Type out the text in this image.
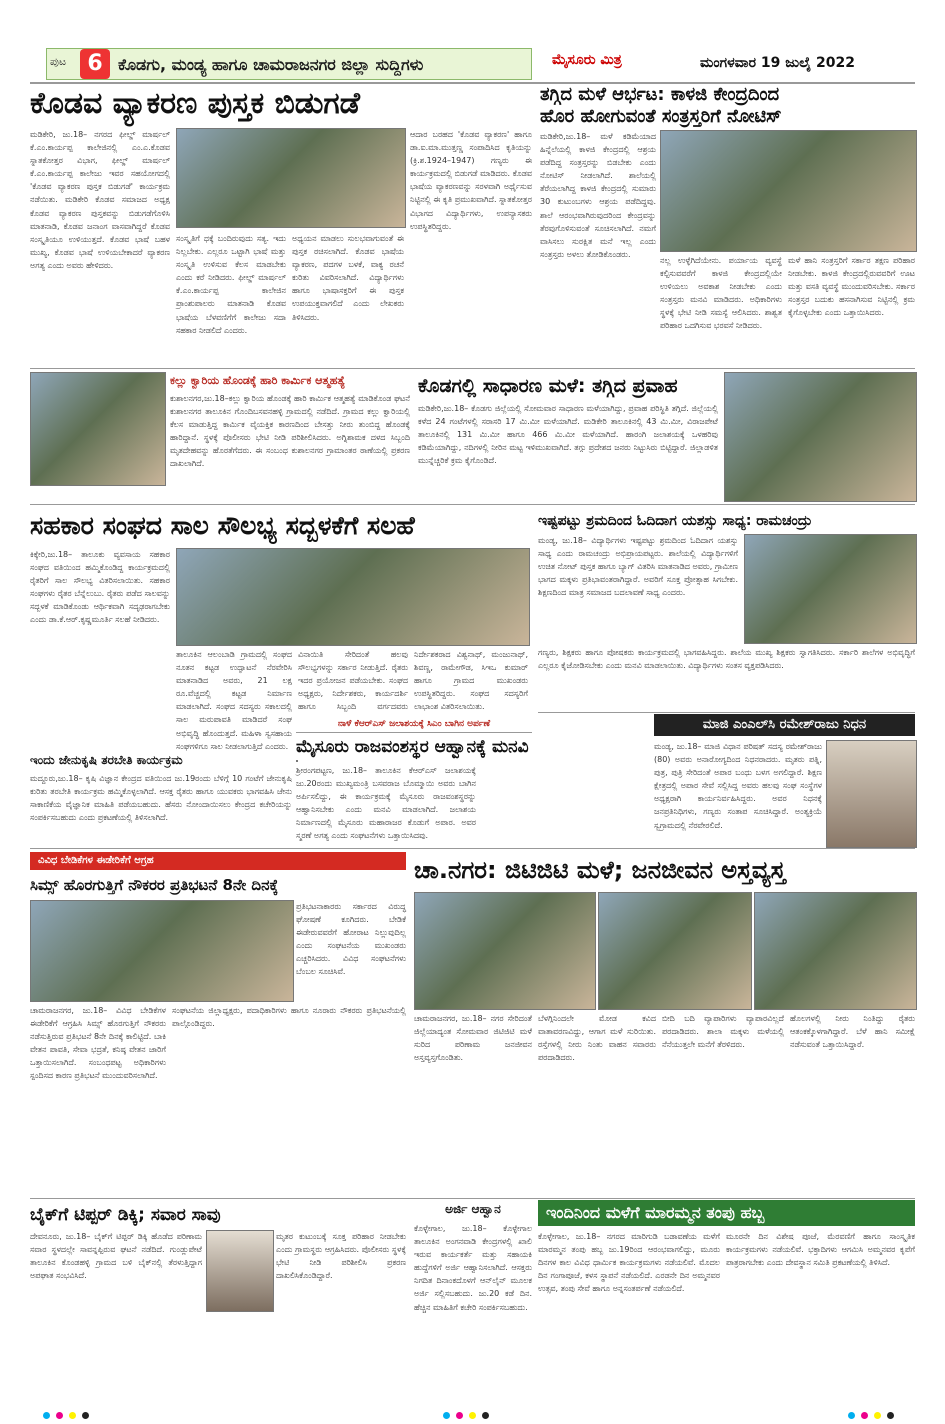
ಪುಟ 6 ಕೊಡಗು, ಮಂಡ್ಯ ಹಾಗೂ ಚಾಮರಾಜನಗರ ಜಿಲ್ಲಾ ಸುದ್ದಿಗಳು	ಮೈಸೂರು ಮಿತ್ರ	ಮಂಗಳವಾರ 19 ಜುಲೈ 2022
ಕೊಡವ ವ್ಯಾಕರಣ ಪುಸ್ತಕ ಬಿಡುಗಡೆ
ಮಡಿಕೇರಿ, ಜು.18– ನಗರದ ಫೀಲ್ಡ್ ಮಾರ್ಷಲ್ ಕೆ.ಎಂ.ಕಾರ್ಯಪ್ಪ ಕಾಲೇಜಿನಲ್ಲಿ ಎಂ.ಎ.ಕೊಡವ ಸ್ನಾತಕೋತ್ತರ ವಿಭಾಗ, ಫೀಲ್ಡ್ ಮಾರ್ಷಲ್ ಕೆ.ಎಂ.ಕಾರ್ಯಪ್ಪ ಕಾಲೇಜು ಇವರ ಸಹಯೋಗದಲ್ಲಿ 'ಕೊಡವ ವ್ಯಾಕರಣ ಪುಸ್ತಕ ಬಿಡುಗಡೆ' ಕಾರ್ಯಕ್ರಮ ನಡೆಯಿತು. ಮಡಿಕೇರಿ ಕೊಡವ ಸಮಾಜದ ಅಧ್ಯಕ್ಷ ಕೊಡವ ವ್ಯಾಕರಣ ಪುಸ್ತಕವನ್ನು ಬಿಡುಗಡೆಗೊಳಿಸಿ ಮಾತನಾಡಿ, ಕೊಡವ ಜನಾಂಗ ವಾಸವಾಗಿದ್ದರೆ ಕೊಡವ ಸಂಸ್ಕೃತಿಯೂ ಉಳಿಯುತ್ತದೆ. ಕೊಡವ ಭಾಷೆ ಬಹಳ ಮುಖ್ಯ, ಕೊಡವ ಭಾಷೆ ಉಳಿಯಬೇಕಾದರೆ ವ್ಯಾಕರಣ ಅಗತ್ಯ ಎಂದು ಅವರು ಹೇಳಿದರು.
ಸಂಸ್ಕೃತಿಗೆ ಧಕ್ಕೆ ಬಂದಿರುವುದು ಸತ್ಯ. ಇದು ನಿಲ್ಲಬೇಕು. ಎಲ್ಲರೂ ಒಟ್ಟಾಗಿ ಭಾಷೆ ಮತ್ತು ಸಂಸ್ಕೃತಿ ಉಳಿಸುವ ಕೆಲಸ ಮಾಡಬೇಕು ಎಂದು ಕರೆ ನೀಡಿದರು. ಫೀಲ್ಡ್ ಮಾರ್ಷಲ್ ಕೆ.ಎಂ.ಕಾರ್ಯಪ್ಪ ಕಾಲೇಜಿನ ಪ್ರಾಂಶುಪಾಲರು ಮಾತನಾಡಿ ಕೊಡವ ಭಾಷೆಯ ಬೆಳವಣಿಗೆಗೆ ಕಾಲೇಜು ಸದಾ ಸಹಕಾರ ನೀಡಲಿದೆ ಎಂದರು.
ಅಧ್ಯಯನ ಮಾಡಲು ಸುಲಭವಾಗುವಂತೆ ಈ ಪುಸ್ತಕ ರಚಿಸಲಾಗಿದೆ. ಕೊಡವ ಭಾಷೆಯ ವ್ಯಾಕರಣ, ಪದಗಳ ಬಳಕೆ, ವಾಕ್ಯ ರಚನೆ ಕುರಿತು ವಿವರಿಸಲಾಗಿದೆ. ವಿದ್ಯಾರ್ಥಿಗಳು ಹಾಗೂ ಭಾಷಾಸಕ್ತರಿಗೆ ಈ ಪುಸ್ತಕ ಉಪಯುಕ್ತವಾಗಲಿದೆ ಎಂದು ಲೇಖಕರು ತಿಳಿಸಿದರು.
ಆದಾರ ಬರಹದ 'ಕೊಡವ ವ್ಯಾಕರಣ' ಹಾಗೂ ಡಾ.ಐ.ಮಾ.ಮುತ್ತಣ್ಣ ಸಂಪಾದಿಸಿದ ಕೃತಿಯನ್ನು (ಕ್ರಿ.ಶ.1924–1947) ಗಣ್ಯರು ಈ ಕಾರ್ಯಕ್ರಮದಲ್ಲಿ ಬಿಡುಗಡೆ ಮಾಡಿದರು. ಕೊಡವ ಭಾಷೆಯ ವ್ಯಾಕರಣವನ್ನು ಸರಳವಾಗಿ ಅರ್ಥೈಸುವ ನಿಟ್ಟಿನಲ್ಲಿ ಈ ಕೃತಿ ಪ್ರಮುಖವಾಗಿದೆ. ಸ್ನಾತಕೋತ್ತರ ವಿಭಾಗದ ವಿದ್ಯಾರ್ಥಿಗಳು, ಉಪನ್ಯಾಸಕರು ಉಪಸ್ಥಿತರಿದ್ದರು.
ತಗ್ಗಿದ ಮಳೆ ಆರ್ಭಟ: ಕಾಳಜಿ ಕೇಂದ್ರದಿಂದ
ಹೊರ ಹೋಗುವಂತೆ ಸಂತ್ರಸ್ತರಿಗೆ ನೋಟಿಸ್
ಮಡಿಕೇರಿ,ಜು.18– ಮಳೆ ಕಡಿಮೆಯಾದ ಹಿನ್ನೆಲೆಯಲ್ಲಿ ಕಾಳಜಿ ಕೇಂದ್ರದಲ್ಲಿ ಆಶ್ರಯ ಪಡೆದಿದ್ದ ಸಂತ್ರಸ್ತರನ್ನು ಬಿಡಬೇಕು ಎಂದು ನೋಟಿಸ್ ನೀಡಲಾಗಿದೆ. ಶಾಲೆಯಲ್ಲಿ ತೆರೆಯಲಾಗಿದ್ದ ಕಾಳಜಿ ಕೇಂದ್ರದಲ್ಲಿ ಸುಮಾರು 30 ಕುಟುಂಬಗಳು ಆಶ್ರಯ ಪಡೆದಿದ್ದವು. ಶಾಲೆ ಆರಂಭವಾಗಿರುವುದರಿಂದ ಕೇಂದ್ರವನ್ನು ತೆರವುಗೊಳಿಸುವಂತೆ ಸೂಚಿಸಲಾಗಿದೆ. ನಮಗೆ ವಾಸಿಸಲು ಸುರಕ್ಷಿತ ಮನೆ ಇಲ್ಲ ಎಂದು ಸಂತ್ರಸ್ತರು ಅಳಲು ತೋಡಿಕೊಂಡರು.
ನಲ್ಲ ಉಳ್ಳೆಗಿದೆಯೇನು. ಪರ್ಯಾಯ ವ್ಯವಸ್ಥೆ ಕಲ್ಪಿಸುವವರೆಗೆ ಕಾಳಜಿ ಕೇಂದ್ರದಲ್ಲಿಯೇ ಉಳಿಯಲು ಅವಕಾಶ ನೀಡಬೇಕು ಎಂದು ಸಂತ್ರಸ್ತರು ಮನವಿ ಮಾಡಿದರು. ಅಧಿಕಾರಿಗಳು ಸ್ಥಳಕ್ಕೆ ಭೇಟಿ ನೀಡಿ ಸಮಸ್ಯೆ ಆಲಿಸಿದರು. ಶಾಶ್ವತ ಪರಿಹಾರ ಒದಗಿಸುವ ಭರವಸೆ ನೀಡಿದರು.
ಮಳೆ ಹಾನಿ ಸಂತ್ರಸ್ತರಿಗೆ ಸರ್ಕಾರ ತಕ್ಷಣ ಪರಿಹಾರ ನೀಡಬೇಕು. ಕಾಳಜಿ ಕೇಂದ್ರದಲ್ಲಿರುವವರಿಗೆ ಊಟ ಮತ್ತು ವಸತಿ ವ್ಯವಸ್ಥೆ ಮುಂದುವರಿಸಬೇಕು. ಸರ್ಕಾರ ಸಂತ್ರಸ್ತರ ಬದುಕು ಹಸನಾಗಿಸುವ ನಿಟ್ಟಿನಲ್ಲಿ ಕ್ರಮ ಕೈಗೊಳ್ಳಬೇಕು ಎಂದು ಒತ್ತಾಯಿಸಿದರು.
ಕಲ್ಲು ಕ್ವಾರಿಯ ಹೊಂಡಕ್ಕೆ ಹಾರಿ ಕಾರ್ಮಿಕ ಆತ್ಮಹತ್ಯೆ
ಕುಶಾಲನಗರ,ಜು.18–ಕಲ್ಲು ಕ್ವಾರಿಯ ಹೊಂಡಕ್ಕೆ ಹಾರಿ ಕಾರ್ಮಿಕ ಆತ್ಮಹತ್ಯೆ ಮಾಡಿಕೊಂಡ ಘಟನೆ ಕುಶಾಲನಗರ ತಾಲೂಕಿನ ಗೊಂದಿಬಸವನಹಳ್ಳಿ ಗ್ರಾಮದಲ್ಲಿ ನಡೆದಿದೆ. ಗ್ರಾಮದ ಕಲ್ಲು ಕ್ವಾರಿಯಲ್ಲಿ ಕೆಲಸ ಮಾಡುತ್ತಿದ್ದ ಕಾರ್ಮಿಕ ವೈಯಕ್ತಿಕ ಕಾರಣದಿಂದ ಬೇಸತ್ತು ನೀರು ತುಂಬಿದ್ದ ಹೊಂಡಕ್ಕೆ ಹಾರಿದ್ದಾನೆ. ಸ್ಥಳಕ್ಕೆ ಪೊಲೀಸರು ಭೇಟಿ ನೀಡಿ ಪರಿಶೀಲಿಸಿದರು. ಅಗ್ನಿಶಾಮಕ ದಳದ ಸಿಬ್ಬಂದಿ ಮೃತದೇಹವನ್ನು ಹೊರತೆಗೆದರು. ಈ ಸಂಬಂಧ ಕುಶಾಲನಗರ ಗ್ರಾಮಾಂತರ ಠಾಣೆಯಲ್ಲಿ ಪ್ರಕರಣ ದಾಖಲಾಗಿದೆ.
ಕೊಡಗಲ್ಲಿ ಸಾಧಾರಣ ಮಳೆ: ತಗ್ಗಿದ ಪ್ರವಾಹ
ಮಡಿಕೇರಿ,ಜು.18– ಕೊಡಗು ಜಿಲ್ಲೆಯಲ್ಲಿ ಸೋಮವಾರ ಸಾಧಾರಣ ಮಳೆಯಾಗಿದ್ದು, ಪ್ರವಾಹ ಪರಿಸ್ಥಿತಿ ತಗ್ಗಿದೆ. ಜಿಲ್ಲೆಯಲ್ಲಿ ಕಳೆದ 24 ಗಂಟೆಗಳಲ್ಲಿ ಸರಾಸರಿ 17 ಮಿ.ಮೀ ಮಳೆಯಾಗಿದೆ. ಮಡಿಕೇರಿ ತಾಲೂಕಿನಲ್ಲಿ 43 ಮಿ.ಮೀ, ವಿರಾಜಪೇಟೆ ತಾಲೂಕಿನಲ್ಲಿ 131 ಮಿ.ಮೀ ಹಾಗೂ 466 ಮಿ.ಮೀ ಮಳೆಯಾಗಿದೆ. ಹಾರಂಗಿ ಜಲಾಶಯಕ್ಕೆ ಒಳಹರಿವು ಕಡಿಮೆಯಾಗಿದ್ದು, ನದಿಗಳಲ್ಲಿ ನೀರಿನ ಮಟ್ಟ ಇಳಿಮುಖವಾಗಿದೆ. ತಗ್ಗು ಪ್ರದೇಶದ ಜನರು ನಿಟ್ಟುಸಿರು ಬಿಟ್ಟಿದ್ದಾರೆ. ಜಿಲ್ಲಾಡಳಿತ ಮುನ್ನೆಚ್ಚರಿಕೆ ಕ್ರಮ ಕೈಗೊಂಡಿದೆ.
ಸಹಕಾರ ಸಂಘದ ಸಾಲ ಸೌಲಭ್ಯ ಸದ್ಬಳಕೆಗೆ ಸಲಹೆ
ಕಿಕ್ಕೇರಿ,ಜು.18– ತಾಲೂಕು ವ್ಯವಸಾಯ ಸಹಕಾರ ಸಂಘದ ವತಿಯಿಂದ ಹಮ್ಮಿಕೊಂಡಿದ್ದ ಕಾರ್ಯಕ್ರಮದಲ್ಲಿ ರೈತರಿಗೆ ಸಾಲ ಸೌಲಭ್ಯ ವಿತರಿಸಲಾಯಿತು. ಸಹಕಾರ ಸಂಘಗಳು ರೈತರ ಬೆನ್ನೆಲುಬು. ರೈತರು ಪಡೆದ ಸಾಲವನ್ನು ಸದ್ಬಳಕೆ ಮಾಡಿಕೊಂಡು ಆರ್ಥಿಕವಾಗಿ ಸದೃಢರಾಗಬೇಕು ಎಂದು ಡಾ.ಕೆ.ಆರ್.ಕೃಷ್ಣಮೂರ್ತಿ ಸಲಹೆ ನೀಡಿದರು.
ತಾಲೂಕಿನ ಆಲಂಬಾಡಿ ಗ್ರಾಮದಲ್ಲಿ ಸಂಘದ ನೂತನ ಕಟ್ಟಡ ಉದ್ಘಾಟನೆ ನೆರವೇರಿಸಿ ಮಾತನಾಡಿದ ಅವರು, 21 ಲಕ್ಷ ರೂ.ವೆಚ್ಚದಲ್ಲಿ ಕಟ್ಟಡ ನಿರ್ಮಾಣ ಮಾಡಲಾಗಿದೆ. ಸಂಘದ ಸದಸ್ಯರು ಸಕಾಲದಲ್ಲಿ ಸಾಲ ಮರುಪಾವತಿ ಮಾಡಿದರೆ ಸಂಘ ಅಭಿವೃದ್ಧಿ ಹೊಂದುತ್ತದೆ. ಮಹಿಳಾ ಸ್ವಸಹಾಯ ಸಂಘಗಳಿಗೂ ಸಾಲ ನೀಡಲಾಗುತ್ತಿದೆ ಎಂದರು.
ವಿನಾಯಿತಿ ಸೇರಿದಂತೆ ಹಲವು ಸೌಲಭ್ಯಗಳನ್ನು ಸರ್ಕಾರ ನೀಡುತ್ತಿದೆ. ರೈತರು ಇದರ ಪ್ರಯೋಜನ ಪಡೆಯಬೇಕು. ಸಂಘದ ಅಧ್ಯಕ್ಷರು, ನಿರ್ದೇಶಕರು, ಕಾರ್ಯದರ್ಶಿ ಹಾಗೂ ಸಿಬ್ಬಂದಿ ವರ್ಗದವರು
ನಿರ್ದೇಶಕರಾದ ವಿಶ್ವನಾಥ್, ಮಂಜುನಾಥ್, ಶಿವಣ್ಣ, ರಾಮೇಗೌಡ, ಸಿಇಒ ಕುಮಾರ್ ಹಾಗೂ ಗ್ರಾಮದ ಮುಖಂಡರು ಉಪಸ್ಥಿತರಿದ್ದರು. ಸಂಘದ ಸದಸ್ಯರಿಗೆ ಲಾಭಾಂಶ ವಿತರಿಸಲಾಯಿತು.
ಇಷ್ಟಪಟ್ಟು ಶ್ರಮದಿಂದ ಓದಿದಾಗ ಯಶಸ್ಸು ಸಾಧ್ಯ: ರಾಮಚಂದ್ರು
ಮಂಡ್ಯ, ಜು.18– ವಿದ್ಯಾರ್ಥಿಗಳು ಇಷ್ಟಪಟ್ಟು ಶ್ರಮದಿಂದ ಓದಿದಾಗ ಯಶಸ್ಸು ಸಾಧ್ಯ ಎಂದು ರಾಮಚಂದ್ರು ಅಭಿಪ್ರಾಯಪಟ್ಟರು. ಶಾಲೆಯಲ್ಲಿ ವಿದ್ಯಾರ್ಥಿಗಳಿಗೆ ಉಚಿತ ನೋಟ್ ಪುಸ್ತಕ ಹಾಗೂ ಬ್ಯಾಗ್ ವಿತರಿಸಿ ಮಾತನಾಡಿದ ಅವರು, ಗ್ರಾಮೀಣ ಭಾಗದ ಮಕ್ಕಳು ಪ್ರತಿಭಾವಂತರಾಗಿದ್ದಾರೆ. ಅವರಿಗೆ ಸೂಕ್ತ ಪ್ರೋತ್ಸಾಹ ಸಿಗಬೇಕು. ಶಿಕ್ಷಣದಿಂದ ಮಾತ್ರ ಸಮಾಜದ ಬದಲಾವಣೆ ಸಾಧ್ಯ ಎಂದರು.
ಗಣ್ಯರು, ಶಿಕ್ಷಕರು ಹಾಗೂ ಪೋಷಕರು ಕಾರ್ಯಕ್ರಮದಲ್ಲಿ ಭಾಗವಹಿಸಿದ್ದರು. ಶಾಲೆಯ ಮುಖ್ಯ ಶಿಕ್ಷಕರು ಸ್ವಾಗತಿಸಿದರು. ಸರ್ಕಾರಿ ಶಾಲೆಗಳ ಅಭಿವೃದ್ಧಿಗೆ ಎಲ್ಲರೂ ಕೈಜೋಡಿಸಬೇಕು ಎಂದು ಮನವಿ ಮಾಡಲಾಯಿತು. ವಿದ್ಯಾರ್ಥಿಗಳು ಸಂತಸ ವ್ಯಕ್ತಪಡಿಸಿದರು.
ನಾಳೆ ಕೆಆರ್‌ಎಸ್ ಜಲಾಶಯಕ್ಕೆ ಸಿಎಂ ಬಾಗಿನ ಅರ್ಪಣೆ
ಮೈಸೂರು ರಾಜವಂಶಸ್ಥರ ಆಹ್ವಾನಕ್ಕೆ ಮನವಿ
ಶ್ರೀರಂಗಪಟ್ಟಣ, ಜು.18– ತಾಲೂಕಿನ ಕೆಆರ್‌ಎಸ್ ಜಲಾಶಯಕ್ಕೆ ಜು.20ರಂದು ಮುಖ್ಯಮಂತ್ರಿ ಬಸವರಾಜ ಬೊಮ್ಮಾಯಿ ಅವರು ಬಾಗಿನ ಅರ್ಪಿಸಲಿದ್ದು, ಈ ಕಾರ್ಯಕ್ರಮಕ್ಕೆ ಮೈಸೂರು ರಾಜವಂಶಸ್ಥರನ್ನು ಆಹ್ವಾನಿಸಬೇಕು ಎಂದು ಮನವಿ ಮಾಡಲಾಗಿದೆ. ಜಲಾಶಯ ನಿರ್ಮಾಣದಲ್ಲಿ ಮೈಸೂರು ಮಹಾರಾಜರ ಕೊಡುಗೆ ಅಪಾರ. ಅವರ ಸ್ಮರಣೆ ಅಗತ್ಯ ಎಂದು ಸಂಘಟನೆಗಳು ಒತ್ತಾಯಿಸಿದವು.
ಮಾಜಿ ಎಂಎಲ್‌ಸಿ ರಮೇಶ್‌ರಾಜು ನಿಧನ
ಮಂಡ್ಯ, ಜು.18– ಮಾಜಿ ವಿಧಾನ ಪರಿಷತ್ ಸದಸ್ಯ ರಮೇಶ್‌ರಾಜು (80) ಅವರು ಅನಾರೋಗ್ಯದಿಂದ ನಿಧನರಾದರು. ಮೃತರು ಪತ್ನಿ, ಪುತ್ರ, ಪುತ್ರಿ ಸೇರಿದಂತೆ ಅಪಾರ ಬಂಧು ಬಳಗ ಅಗಲಿದ್ದಾರೆ. ಶಿಕ್ಷಣ ಕ್ಷೇತ್ರದಲ್ಲಿ ಅಪಾರ ಸೇವೆ ಸಲ್ಲಿಸಿದ್ದ ಅವರು ಹಲವು ಸಂಘ ಸಂಸ್ಥೆಗಳ ಅಧ್ಯಕ್ಷರಾಗಿ ಕಾರ್ಯನಿರ್ವಹಿಸಿದ್ದರು. ಅವರ ನಿಧನಕ್ಕೆ ಜನಪ್ರತಿನಿಧಿಗಳು, ಗಣ್ಯರು ಸಂತಾಪ ಸೂಚಿಸಿದ್ದಾರೆ. ಅಂತ್ಯಕ್ರಿಯೆ ಸ್ವಗ್ರಾಮದಲ್ಲಿ ನೆರವೇರಲಿದೆ.
ಇಂದು ಜೇನುಕೃಷಿ ತರಬೇತಿ ಕಾರ್ಯಕ್ರಮ
ಮದ್ದೂರು,ಜು.18– ಕೃಷಿ ವಿಜ್ಞಾನ ಕೇಂದ್ರದ ವತಿಯಿಂದ ಜು.19ರಂದು ಬೆಳಿಗ್ಗೆ 10 ಗಂಟೆಗೆ ಜೇನುಕೃಷಿ ಕುರಿತು ತರಬೇತಿ ಕಾರ್ಯಕ್ರಮ ಹಮ್ಮಿಕೊಳ್ಳಲಾಗಿದೆ. ಆಸಕ್ತ ರೈತರು ಹಾಗೂ ಯುವಕರು ಭಾಗವಹಿಸಿ ಜೇನು ಸಾಕಾಣಿಕೆಯ ವೈಜ್ಞಾನಿಕ ಮಾಹಿತಿ ಪಡೆಯಬಹುದು. ಹೆಸರು ನೋಂದಾಯಿಸಲು ಕೇಂದ್ರದ ಕಚೇರಿಯನ್ನು ಸಂಪರ್ಕಿಸಬಹುದು ಎಂದು ಪ್ರಕಟಣೆಯಲ್ಲಿ ತಿಳಿಸಲಾಗಿದೆ.
ವಿವಿಧ ಬೇಡಿಕೆಗಳ ಈಡೇರಿಕೆಗೆ ಆಗ್ರಹ
ಸಿಮ್ಸ್ ಹೊರಗುತ್ತಿಗೆ ನೌಕರರ ಪ್ರತಿಭಟನೆ 8ನೇ ದಿನಕ್ಕೆ
ಪ್ರತಿಭಟನಾಕಾರರು ಸರ್ಕಾರದ ವಿರುದ್ಧ ಘೋಷಣೆ ಕೂಗಿದರು. ಬೇಡಿಕೆ ಈಡೇರುವವರೆಗೆ ಹೋರಾಟ ನಿಲ್ಲುವುದಿಲ್ಲ ಎಂದು ಸಂಘಟನೆಯ ಮುಖಂಡರು ಎಚ್ಚರಿಸಿದರು. ವಿವಿಧ ಸಂಘಟನೆಗಳು ಬೆಂಬಲ ಸೂಚಿಸಿವೆ.
ಚಾಮರಾಜನಗರ, ಜು.18– ವಿವಿಧ ಬೇಡಿಕೆಗಳ ಈಡೇರಿಕೆಗೆ ಆಗ್ರಹಿಸಿ ಸಿಮ್ಸ್ ಹೊರಗುತ್ತಿಗೆ ನೌಕರರು ನಡೆಸುತ್ತಿರುವ ಪ್ರತಿಭಟನೆ 8ನೇ ದಿನಕ್ಕೆ ಕಾಲಿಟ್ಟಿದೆ. ಬಾಕಿ ವೇತನ ಪಾವತಿ, ಸೇವಾ ಭದ್ರತೆ, ಕನಿಷ್ಠ ವೇತನ ಜಾರಿಗೆ ಒತ್ತಾಯಿಸಲಾಗಿದೆ. ಸಂಬಂಧಪಟ್ಟ ಅಧಿಕಾರಿಗಳು ಸ್ಪಂದಿಸದ ಕಾರಣ ಪ್ರತಿಭಟನೆ ಮುಂದುವರಿಸಲಾಗಿದೆ.
ಸಂಘಟನೆಯ ಜಿಲ್ಲಾಧ್ಯಕ್ಷರು, ಪದಾಧಿಕಾರಿಗಳು ಹಾಗೂ ನೂರಾರು ನೌಕರರು ಪ್ರತಿಭಟನೆಯಲ್ಲಿ ಪಾಲ್ಗೊಂಡಿದ್ದರು.
ಚಾ.ನಗರ: ಜಿಟಿಜಿಟಿ ಮಳೆ; ಜನಜೀವನ ಅಸ್ತವ್ಯಸ್ತ
ಚಾಮರಾಜನಗರ, ಜು.18– ನಗರ ಸೇರಿದಂತೆ ಜಿಲ್ಲೆಯಾದ್ಯಂತ ಸೋಮವಾರ ಜಿಟಿಜಿಟಿ ಮಳೆ ಸುರಿದ ಪರಿಣಾಮ ಜನಜೀವನ ಅಸ್ತವ್ಯಸ್ತಗೊಂಡಿತು.
ಬೆಳಗ್ಗಿನಿಂದಲೇ ಮೋಡ ಕವಿದ ವಾತಾವರಣವಿದ್ದು, ಆಗಾಗ ಮಳೆ ಸುರಿಯಿತು. ರಸ್ತೆಗಳಲ್ಲಿ ನೀರು ನಿಂತು ವಾಹನ ಸವಾರರು ಪರದಾಡಿದರು.
ಬೀದಿ ಬದಿ ವ್ಯಾಪಾರಿಗಳು ವ್ಯಾಪಾರವಿಲ್ಲದೆ ಪರದಾಡಿದರು. ಶಾಲಾ ಮಕ್ಕಳು ಮಳೆಯಲ್ಲಿ ನೆನೆಯುತ್ತಲೇ ಮನೆಗೆ ತೆರಳಿದರು.
ಹೊಲಗಳಲ್ಲಿ ನೀರು ನಿಂತಿದ್ದು ರೈತರು ಆತಂಕಕ್ಕೊಳಗಾಗಿದ್ದಾರೆ. ಬೆಳೆ ಹಾನಿ ಸಮೀಕ್ಷೆ ನಡೆಸುವಂತೆ ಒತ್ತಾಯಿಸಿದ್ದಾರೆ.
ಬೈಕ್‌ಗೆ ಟಿಪ್ಪರ್ ಡಿಕ್ಕಿ; ಸವಾರ ಸಾವು
ದೇವನೂರು, ಜು.18– ಬೈಕ್‌ಗೆ ಟಿಪ್ಪರ್ ಡಿಕ್ಕಿ ಹೊಡೆದ ಪರಿಣಾಮ ಸವಾರ ಸ್ಥಳದಲ್ಲೇ ಸಾವನ್ನಪ್ಪಿರುವ ಘಟನೆ ನಡೆದಿದೆ. ಗುಂಡ್ಲುಪೇಟೆ ತಾಲೂಕಿನ ಕೊಂಡಹಳ್ಳಿ ಗ್ರಾಮದ ಬಳಿ ಬೈಕ್‌ನಲ್ಲಿ ತೆರಳುತ್ತಿದ್ದಾಗ ಅಪಘಾತ ಸಂಭವಿಸಿದೆ.
ಮೃತರ ಕುಟುಂಬಕ್ಕೆ ಸೂಕ್ತ ಪರಿಹಾರ ನೀಡಬೇಕು ಎಂದು ಗ್ರಾಮಸ್ಥರು ಆಗ್ರಹಿಸಿದರು. ಪೊಲೀಸರು ಸ್ಥಳಕ್ಕೆ ಭೇಟಿ ನೀಡಿ ಪರಿಶೀಲಿಸಿ ಪ್ರಕರಣ ದಾಖಲಿಸಿಕೊಂಡಿದ್ದಾರೆ.
ಅರ್ಜಿ ಆಹ್ವಾನ
ಕೊಳ್ಳೇಗಾಲ, ಜು.18– ಕೊಳ್ಳೇಗಾಲ ತಾಲೂಕಿನ ಅಂಗನವಾಡಿ ಕೇಂದ್ರಗಳಲ್ಲಿ ಖಾಲಿ ಇರುವ ಕಾರ್ಯಕರ್ತೆ ಮತ್ತು ಸಹಾಯಕಿ ಹುದ್ದೆಗಳಿಗೆ ಅರ್ಜಿ ಆಹ್ವಾನಿಸಲಾಗಿದೆ. ಆಸಕ್ತರು ನಿಗದಿತ ದಿನಾಂಕದೊಳಗೆ ಆನ್‌ಲೈನ್ ಮೂಲಕ ಅರ್ಜಿ ಸಲ್ಲಿಸಬಹುದು. ಜು.20 ಕಡೆ ದಿನ. ಹೆಚ್ಚಿನ ಮಾಹಿತಿಗೆ ಕಚೇರಿ ಸಂಪರ್ಕಿಸಬಹುದು.
ಇಂದಿನಿಂದ ಮಳೆಗೆ ಮಾರಮ್ಮನ ತಂಪು ಹಬ್ಬ
ಕೊಳ್ಳೇಗಾಲ, ಜು.18– ನಗರದ ಮಾರಿಗುಡಿ ಬಡಾವಣೆಯ ಮಳೆಗೆ ಮಾರಮ್ಮನ ತಂಪು ಹಬ್ಬ ಜು.19ರಿಂದ ಆರಂಭವಾಗಲಿದ್ದು, ಮೂರು ದಿನಗಳ ಕಾಲ ವಿವಿಧ ಧಾರ್ಮಿಕ ಕಾರ್ಯಕ್ರಮಗಳು ನಡೆಯಲಿವೆ. ಮೊದಲ ದಿನ ಗಂಗಾಪೂಜೆ, ಕಳಸ ಸ್ಥಾಪನೆ ನಡೆಯಲಿದೆ. ಎರಡನೇ ದಿನ ಅಮ್ಮನವರ ಉತ್ಸವ, ತಂಪು ಸೇವೆ ಹಾಗೂ ಅನ್ನಸಂತರ್ಪಣೆ ನಡೆಯಲಿದೆ.
ಮೂರನೇ ದಿನ ವಿಶೇಷ ಪೂಜೆ, ಮೆರವಣಿಗೆ ಹಾಗೂ ಸಾಂಸ್ಕೃತಿಕ ಕಾರ್ಯಕ್ರಮಗಳು ನಡೆಯಲಿವೆ. ಭಕ್ತಾದಿಗಳು ಆಗಮಿಸಿ ಅಮ್ಮನವರ ಕೃಪೆಗೆ ಪಾತ್ರರಾಗಬೇಕು ಎಂದು ದೇವಸ್ಥಾನ ಸಮಿತಿ ಪ್ರಕಟಣೆಯಲ್ಲಿ ತಿಳಿಸಿದೆ.
